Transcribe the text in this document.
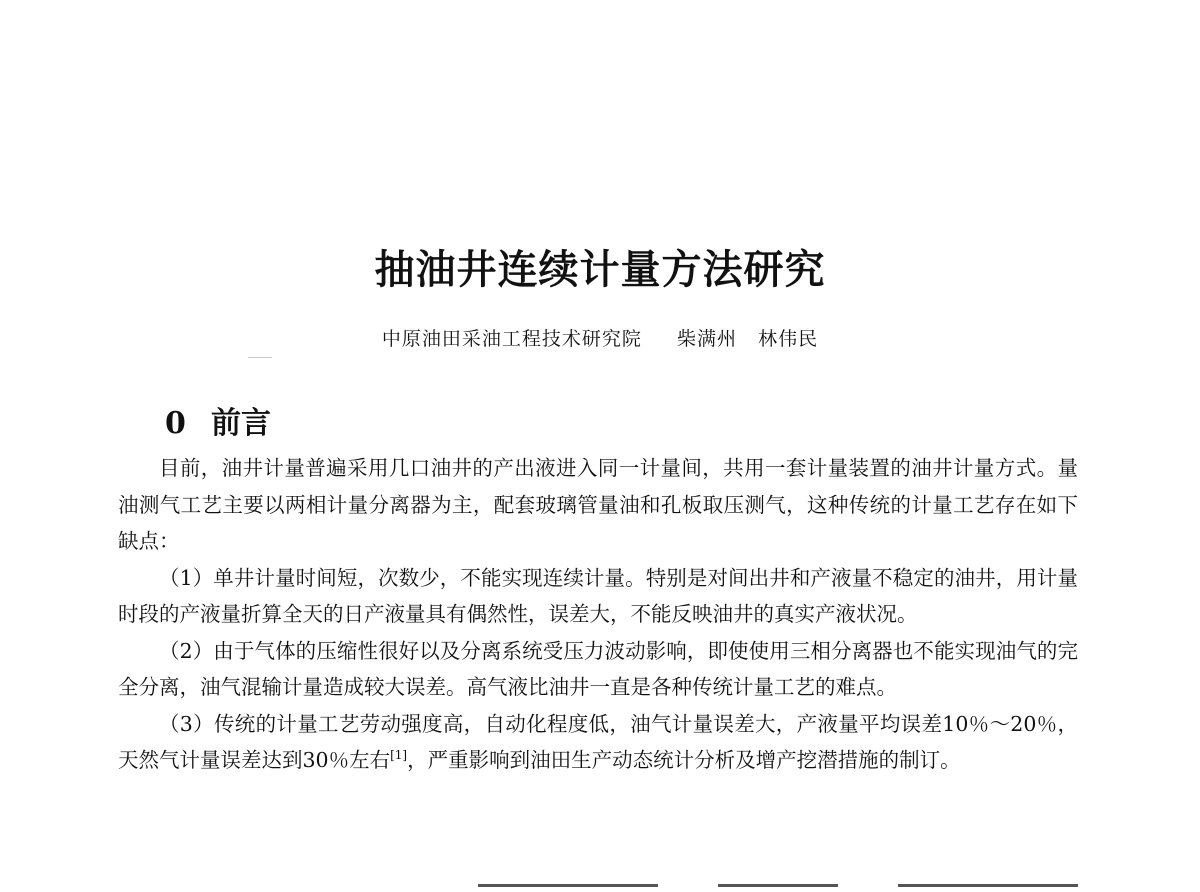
抽油井连续计量方法研究
中原油田采油工程技术研究院 柴满州 林伟民
0 前言

目前，油井计量普遍采用几口油井的产出液进入同一计量间，共用一套计量装置的油井计量方式。量油测气工艺主要以两相计量分离器为主，配套玻璃管量油和孔板取压测气，这种传统的计量工艺存在如下缺点：

（1）单井计量时间短，次数少，不能实现连续计量。特别是对间出井和产液量不稳定的油井，用计量时段的产液量折算全天的日产液量具有偶然性，误差大，不能反映油井的真实产液状况。

（2）由于气体的压缩性很好以及分离系统受压力波动影响，即使使用三相分离器也不能实现油气的完全分离，油气混输计量造成较大误差。高气液比油井一直是各种传统计量工艺的难点。

（3）传统的计量工艺劳动强度高，自动化程度低，油气计量误差大，产液量平均误差10％～20％，天然气计量误差达到30％左右[1]，严重影响到油田生产动态统计分析及增产挖潜措施的制订。
